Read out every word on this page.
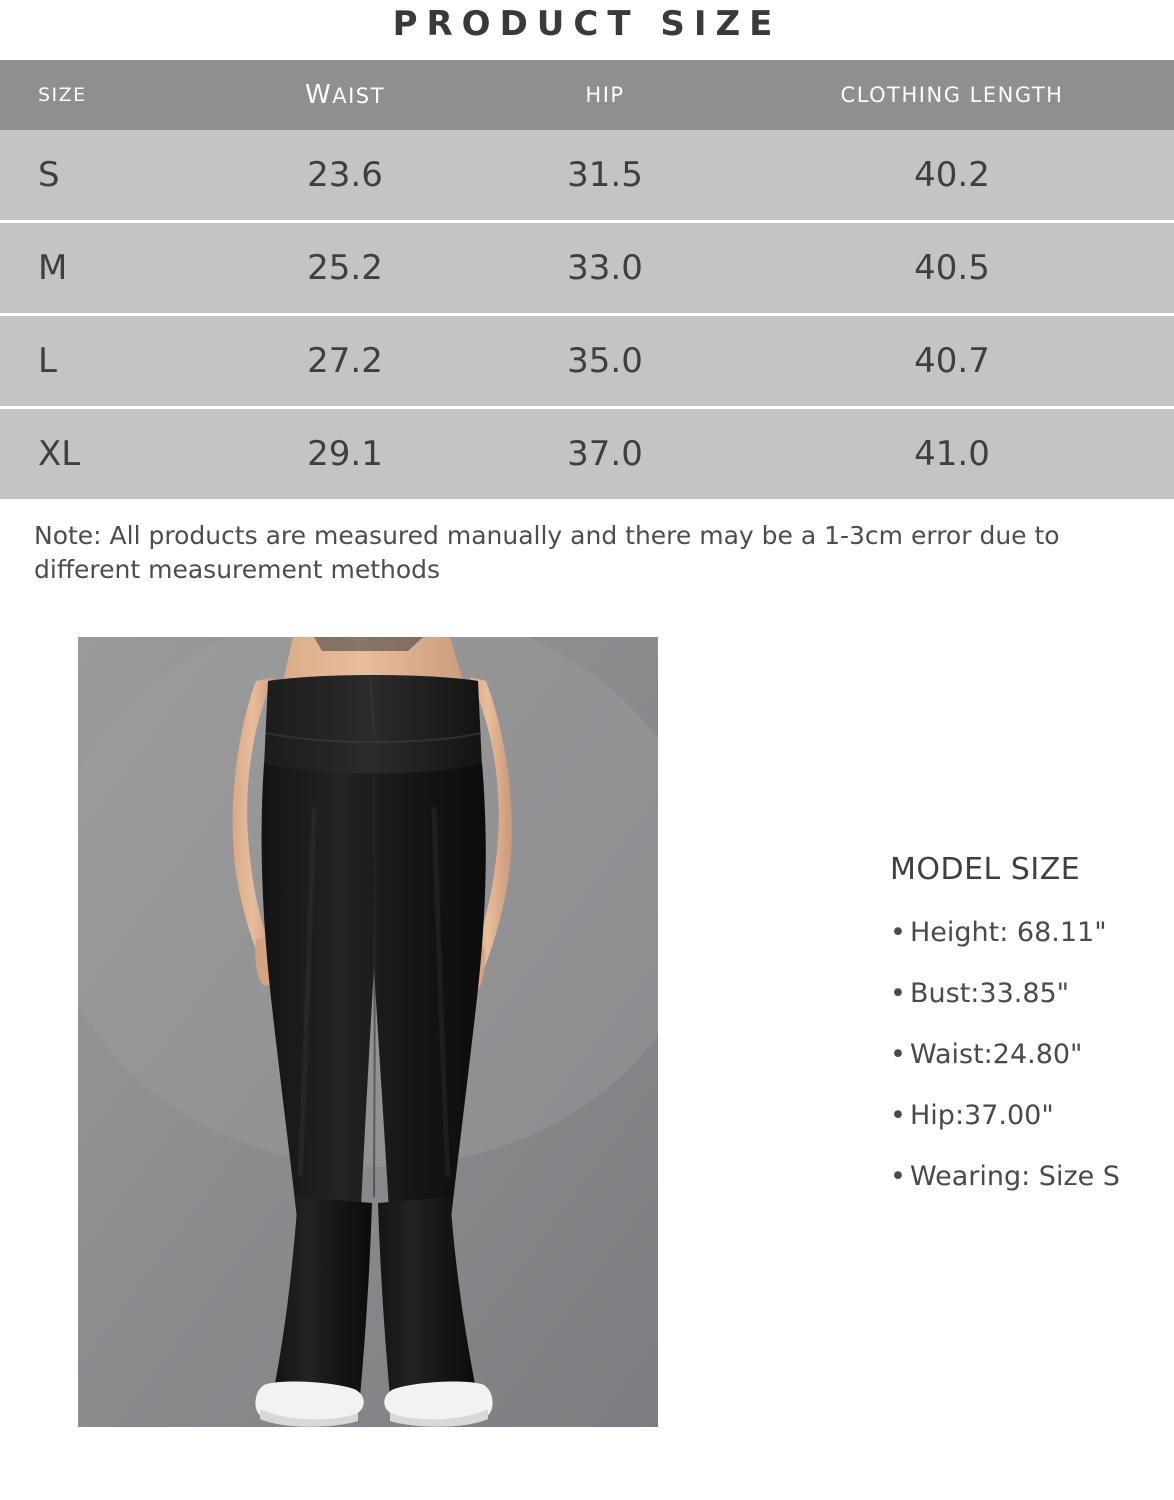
PRODUCT SIZE
SIZE	WAIST	HIP	CLOTHING LENGTH
S	23.6	31.5	40.2
M	25.2	33.0	40.5
L	27.2	35.0	40.7
XL	29.1	37.0	41.0
Note: All products are measured manually and there may be a 1-3cm error due to different measurement methods
MODEL SIZE
• Height: 68.11"
• Bust:33.85"
• Waist:24.80"
• Hip:37.00"
• Wearing: Size S
